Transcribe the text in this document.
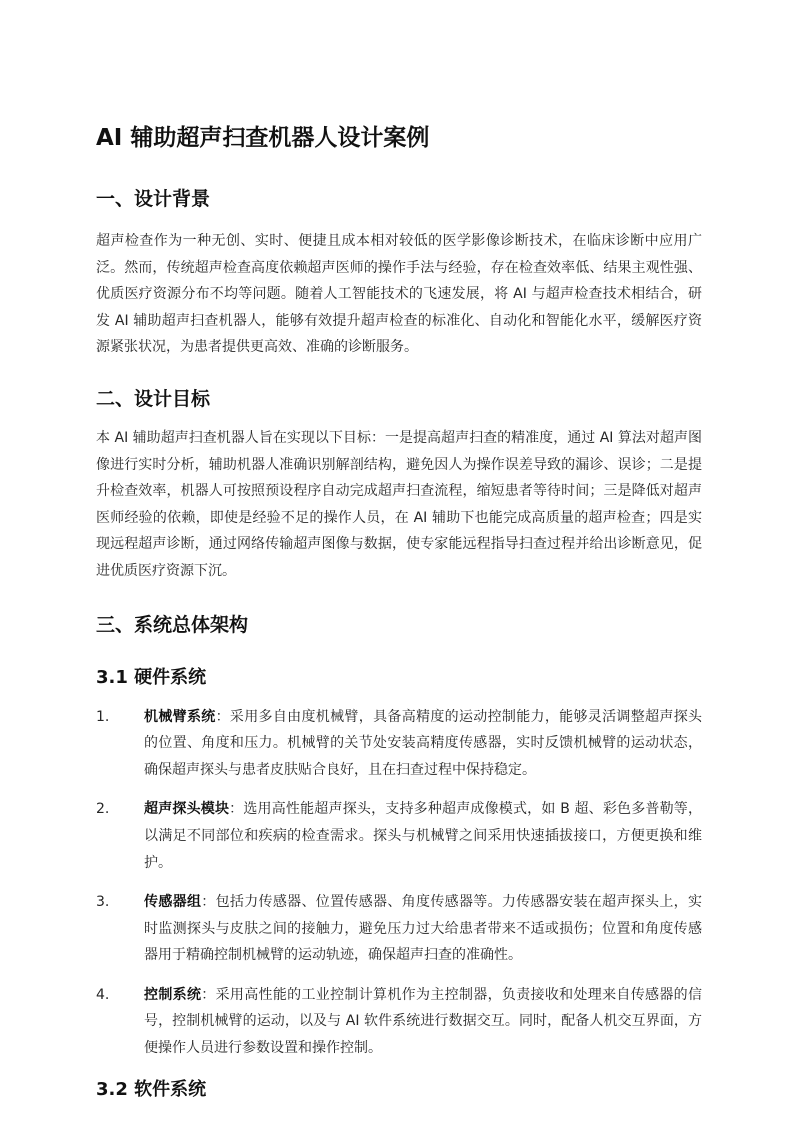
AI 辅助超声扫查机器人设计案例
一、设计背景

超声检查作为一种无创、实时、便捷且成本相对较低的医学影像诊断技术，在临床诊断中应用广泛。然而，传统超声检查高度依赖超声医师的操作手法与经验，存在检查效率低、结果主观性强、优质医疗资源分布不均等问题。随着人工智能技术的飞速发展，将 AI 与超声检查技术相结合，研发 AI 辅助超声扫查机器人，能够有效提升超声检查的标准化、自动化和智能化水平，缓解医疗资源紧张状况，为患者提供更高效、准确的诊断服务。

二、设计目标

本 AI 辅助超声扫查机器人旨在实现以下目标：一是提高超声扫查的精准度，通过 AI 算法对超声图像进行实时分析，辅助机器人准确识别解剖结构，避免因人为操作误差导致的漏诊、误诊；二是提升检查效率，机器人可按照预设程序自动完成超声扫查流程，缩短患者等待时间；三是降低对超声医师经验的依赖，即使是经验不足的操作人员，在 AI 辅助下也能完成高质量的超声检查；四是实现远程超声诊断，通过网络传输超声图像与数据，使专家能远程指导扫查过程并给出诊断意见，促进优质医疗资源下沉。

三、系统总体架构
3.1 硬件系统
1. 机械臂系统：采用多自由度机械臂，具备高精度的运动控制能力，能够灵活调整超声探头的位置、角度和压力。机械臂的关节处安装高精度传感器，实时反馈机械臂的运动状态，确保超声探头与患者皮肤贴合良好，且在扫查过程中保持稳定。
2. 超声探头模块：选用高性能超声探头，支持多种超声成像模式，如 B 超、彩色多普勒等，以满足不同部位和疾病的检查需求。探头与机械臂之间采用快速插拔接口，方便更换和维护。
3. 传感器组：包括力传感器、位置传感器、角度传感器等。力传感器安装在超声探头上，实时监测探头与皮肤之间的接触力，避免压力过大给患者带来不适或损伤；位置和角度传感器用于精确控制机械臂的运动轨迹，确保超声扫查的准确性。
4. 控制系统：采用高性能的工业控制计算机作为主控制器，负责接收和处理来自传感器的信号，控制机械臂的运动，以及与 AI 软件系统进行数据交互。同时，配备人机交互界面，方便操作人员进行参数设置和操作控制。
3.2 软件系统
